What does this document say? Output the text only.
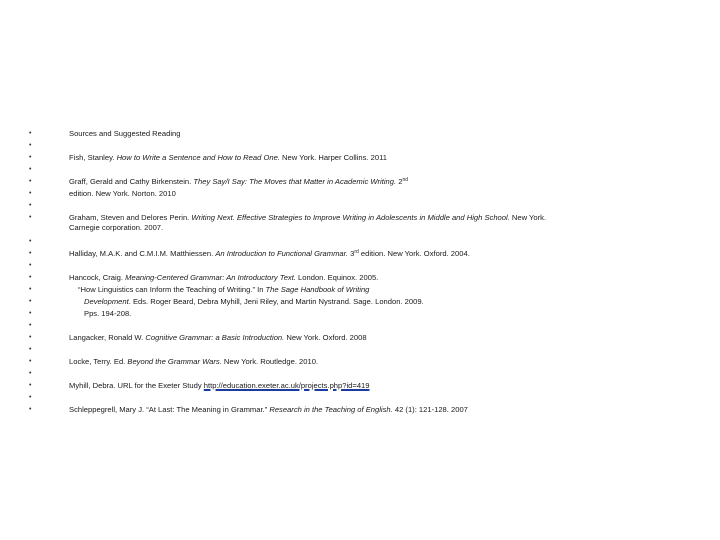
•	Sources and Suggested Reading
•
•	Fish, Stanley. How to Write a Sentence and How to Read One. New York. Harper Collins. 2011
•
•	Graff, Gerald and Cathy Birkenstein. They Say/I Say: The Moves that Matter in Academic Writing. 2nd
•	edition. New York. Norton. 2010
•
•	Graham, Steven and Delores Perin. Writing Next. Effective Strategies to Improve Writing in Adolescents in Middle and High School. New York.
Carnegie corporation. 2007.
•
•	Halliday, M.A.K. and C.M.I.M. Matthiessen. An Introduction to Functional Grammar. 3rd edition. New York. Oxford. 2004.
•
•	Hancock, Craig. Meaning-Centered Grammar: An Introductory Text. London. Equinox. 2005.
•	“How Linguistics can Inform the Teaching of Writing.” In The Sage Handbook of Writing
•	Development. Eds. Roger Beard, Debra Myhill, Jeni Riley, and Martin Nystrand. Sage. London. 2009.
•	Pps. 194-208.
•
•	Langacker, Ronald W. Cognitive Grammar: a Basic Introduction. New York. Oxford. 2008
•
•	Locke, Terry. Ed. Beyond the Grammar Wars. New York. Routledge. 2010.
•
•	Myhill, Debra. URL for the Exeter Study http://education.exeter.ac.uk/projects.php?id=419
•
•	Schleppegrell, Mary J. “At Last: The Meaning in Grammar.” Research in the Teaching of English. 42 (1): 121-128. 2007
